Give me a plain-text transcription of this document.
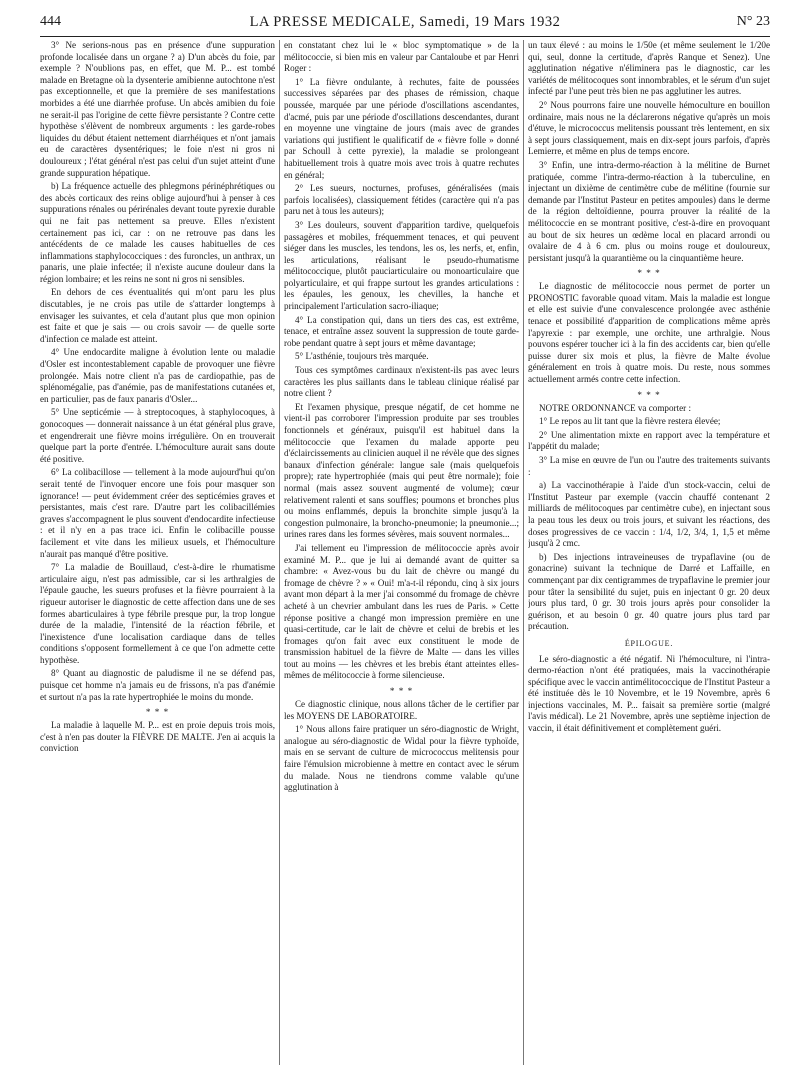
444	LA PRESSE MEDICALE, Samedi, 19 Mars 1932	N° 23

3° Ne serions-nous pas en présence d'une suppuration profonde localisée dans un organe ? a) D'un abcès du foie, par exemple ? N'oublions pas, en effet, que M. P... est tombé malade en Bretagne où la dysenterie amibienne autochtone n'est pas exceptionnelle, et que la première de ses manifestations morbides a été une diarrhée profuse. Un abcès amibien du foie ne serait-il pas l'origine de cette fièvre persistante ? Contre cette hypothèse s'élèvent de nombreux arguments : les garde-robes liquides du début étaient nettement diarrhéiques et n'ont jamais eu de caractères dysentériques; le foie n'est ni gros ni douloureux ; l'état général n'est pas celui d'un sujet atteint d'une grande suppuration hépatique.

b) La fréquence actuelle des phlegmons périnéphrétiques ou des abcès corticaux des reins oblige aujourd'hui à penser à ces suppurations rénales ou périrénales devant toute pyrexie durable qui ne fait pas nettement sa preuve. Elles n'existent certainement pas ici, car : on ne retrouve pas dans les antécédents de ce malade les causes habituelles de ces inflammations staphylococciques : des furoncles, un anthrax, un panaris, une plaie infectée; il n'existe aucune douleur dans la région lombaire; et les reins ne sont ni gros ni sensibles.

En dehors de ces éventualités qui m'ont paru les plus discutables, je ne crois pas utile de s'attarder longtemps à envisager les suivantes, et cela d'autant plus que mon opinion est faite et que je sais — ou crois savoir — de quelle sorte d'infection ce malade est atteint.

4° Une endocardite maligne à évolution lente ou maladie d'Osler est incontestablement capable de provoquer une fièvre prolongée. Mais notre client n'a pas de cardiopathie, pas de splénomégalie, pas d'anémie, pas de manifestations cutanées et, en particulier, pas de faux panaris d'Osler...

5° Une septicémie — à streptocoques, à staphylocoques, à gonocoques — donnerait naissance à un état général plus grave, et engendrerait une fièvre moins irrégulière. On en trouverait quelque part la porte d'entrée. L'hémoculture aurait sans doute été positive.

6° La colibacillose — tellement à la mode aujourd'hui qu'on serait tenté de l'invoquer encore une fois pour masquer son ignorance! — peut évidemment créer des septicémies graves et persistantes, mais c'est rare. D'autre part les colibacillémies graves s'accompagnent le plus souvent d'endocardite infectieuse : et il n'y en a pas trace ici. Enfin le colibacille pousse facilement et vite dans les milieux usuels, et l'hémoculture n'aurait pas manqué d'être positive.

7° La maladie de Bouillaud, c'est-à-dire le rhumatisme articulaire aigu, n'est pas admissible, car si les arthralgies de l'épaule gauche, les sueurs profuses et la fièvre pourraient à la rigueur autoriser le diagnostic de cette affection dans une de ses formes abarticulaires à type fébrile presque pur, la trop longue durée de la maladie, l'intensité de la réaction fébrile, et l'inexistence d'une localisation cardiaque dans de telles conditions s'opposent formellement à ce que l'on admette cette hypothèse.

8° Quant au diagnostic de paludisme il ne se défend pas, puisque cet homme n'a jamais eu de frissons, n'a pas d'anémie et surtout n'a pas la rate hypertrophiée le moins du monde.

* * *

La maladie à laquelle M. P... est en proie depuis trois mois, c'est à n'en pas douter la FIÈVRE DE MALTE. J'en ai acquis la conviction

en constatant chez lui le « bloc symptomatique » de la mélitococcie, si bien mis en valeur par Cantaloube et par Henri Roger :

1° La fièvre ondulante, à rechutes, faite de poussées successives séparées par des phases de rémission, chaque poussée, marquée par une période d'oscillations ascendantes, d'acmé, puis par une période d'oscillations descendantes, durant en moyenne une vingtaine de jours (mais avec de grandes variations qui justifient le qualificatif de « fièvre folle » donné par Schoull à cette pyrexie), la maladie se prolongeant habituellement trois à quatre mois avec trois à quatre rechutes en général;

2° Les sueurs, nocturnes, profuses, généralisées (mais parfois localisées), classiquement fétides (caractère qui n'a pas paru net à tous les auteurs);

3° Les douleurs, souvent d'apparition tardive, quelquefois passagères et mobiles, fréquemment tenaces, et qui peuvent siéger dans les muscles, les tendons, les os, les nerfs, et, enfin, les articulations, réalisant le pseudo-rhumatisme mélitococcique, plutôt pauciarticulaire ou monoarticulaire que polyarticulaire, et qui frappe surtout les grandes articulations : les épaules, les genoux, les chevilles, la hanche et principalement l'articulation sacro-iliaque;

4° La constipation qui, dans un tiers des cas, est extrême, tenace, et entraîne assez souvent la suppression de toute garde-robe pendant quatre à sept jours et même davantage;

5° L'asthénie, toujours très marquée.

Tous ces symptômes cardinaux n'existent-ils pas avec leurs caractères les plus saillants dans le tableau clinique réalisé par notre client ?

Et l'examen physique, presque négatif, de cet homme ne vient-il pas corroborer l'impression produite par ses troubles fonctionnels et généraux, puisqu'il est habituel dans la mélitococcie que l'examen du malade apporte peu d'éclaircissements au clinicien auquel il ne révèle que des signes banaux d'infection générale: langue sale (mais quelquefois propre); rate hypertrophiée (mais qui peut être normale); foie normal (mais assez souvent augmenté de volume); cœur relativement ralenti et sans souffles; poumons et bronches plus ou moins enflammés, depuis la bronchite simple jusqu'à la congestion pulmonaire, la broncho-pneumonie; la pneumonie...; urines rares dans les formes sévères, mais souvent normales...

J'ai tellement eu l'impression de mélitococcie après avoir examiné M. P... que je lui ai demandé avant de quitter sa chambre: « Avez-vous bu du lait de chèvre ou mangé du fromage de chèvre ? » « Oui! m'a-t-il répondu, cinq à six jours avant mon départ à la mer j'ai consommé du fromage de chèvre acheté à un chevrier ambulant dans les rues de Paris. » Cette réponse positive a changé mon impression première en une quasi-certitude, car le lait de chèvre et celui de brebis et les fromages qu'on fait avec eux constituent le mode de transmission habituel de la fièvre de Malte — dans les villes tout au moins — les chèvres et les brebis étant atteintes elles-mêmes de mélitococcie à forme silencieuse.

* * *

Ce diagnostic clinique, nous allons tâcher de le certifier par les MOYENS DE LABORATOIRE.

1° Nous allons faire pratiquer un séro-diagnostic de Wright, analogue au séro-diagnostic de Widal pour la fièvre typhoïde, mais en se servant de culture de micrococcus melitensis pour faire l'émulsion microbienne à mettre en contact avec le sérum du malade. Nous ne tiendrons comme valable qu'une agglutination à

un taux élevé : au moins le 1/50e (et même seulement le 1/20e qui, seul, donne la certitude, d'après Ranque et Senez). Une agglutination négative n'éliminera pas le diagnostic, car les variétés de mélitocoques sont innombrables, et le sérum d'un sujet infecté par l'une peut très bien ne pas agglutiner les autres.

2° Nous pourrons faire une nouvelle hémoculture en bouillon ordinaire, mais nous ne la déclarerons négative qu'après un mois d'étuve, le micrococcus melitensis poussant très lentement, en six à sept jours classiquement, mais en dix-sept jours parfois, d'après Lemierre, et même en plus de temps encore.

3° Enfin, une intra-dermo-réaction à la mélitine de Burnet pratiquée, comme l'intra-dermo-réaction à la tuberculine, en injectant un dixième de centimètre cube de mélitine (fournie sur demande par l'Institut Pasteur en petites ampoules) dans le derme de la région deltoïdienne, pourra prouver la réalité de la mélitococcie en se montrant positive, c'est-à-dire en provoquant au bout de six heures un œdème local en placard arrondi ou ovalaire de 4 à 6 cm. plus ou moins rouge et douloureux, persistant jusqu'à la quarantième ou la cinquantième heure.

* * *

Le diagnostic de mélitococcie nous permet de porter un PRONOSTIC favorable quoad vitam. Mais la maladie est longue et elle est suivie d'une convalescence prolongée avec asthénie tenace et possibilité d'apparition de complications même après l'apyrexie : par exemple, une orchite, une arthralgie. Nous pouvons espérer toucher ici à la fin des accidents car, bien qu'elle puisse durer six mois et plus, la fièvre de Malte évolue généralement en trois à quatre mois. Du reste, nous sommes actuellement armés contre cette infection.

* * *

NOTRE ORDONNANCE va comporter :

1° Le repos au lit tant que la fièvre restera élevée;

2° Une alimentation mixte en rapport avec la température et l'appétit du malade;

3° La mise en œuvre de l'un ou l'autre des traitements suivants :

a) La vaccinothérapie à l'aide d'un stock-vaccin, celui de l'Institut Pasteur par exemple (vaccin chauffé contenant 2 milliards de mélitocoques par centimètre cube), en injectant sous la peau tous les deux ou trois jours, et suivant les réactions, des doses progressives de ce vaccin : 1/4, 1/2, 3/4, 1, 1,5 et même jusqu'à 2 cmc.

b) Des injections intraveineuses de trypaflavine (ou de gonacrine) suivant la technique de Darré et Laffaille, en commençant par dix centigrammes de trypaflavine le premier jour pour tâter la sensibilité du sujet, puis en injectant 0 gr. 20 deux jours plus tard, 0 gr. 30 trois jours après pour consolider la guérison, et au besoin 0 gr. 40 quatre jours plus tard par précaution.

ÉPILOGUE.

Le séro-diagnostic a été négatif. Ni l'hémoculture, ni l'intra-dermo-réaction n'ont été pratiquées, mais la vaccinothérapie spécifique avec le vaccin antimélitococcique de l'Institut Pasteur a été instituée dès le 10 Novembre, et le 19 Novembre, après 6 injections vaccinales, M. P... faisait sa première sortie (malgré l'avis médical). Le 21 Novembre, après une septième injection de vaccin, il était définitivement et complètement guéri.
